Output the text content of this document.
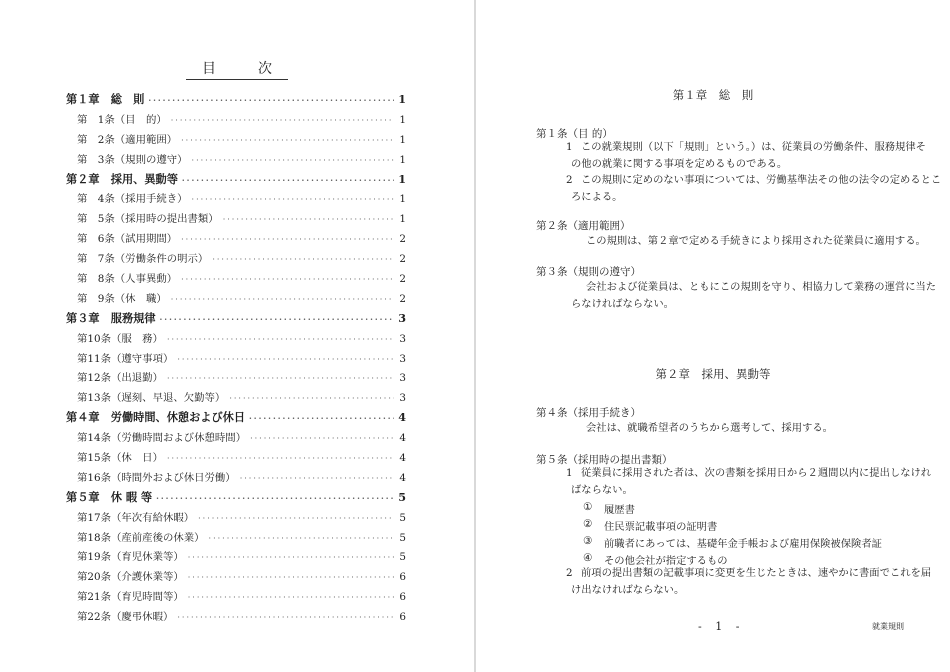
目　次
第１章　総　則 ·····	1
第　1条（目　的） ·····	1
第　2条（適用範囲） ·····	1
第　3条（規則の遵守） ·····	1
第２章　採用、異動等 ·····	1
第　4条（採用手続き） ·····	1
第　5条（採用時の提出書類） ·····	1
第　6条（試用期間） ·····	2
第　7条（労働条件の明示） ·····	2
第　8条（人事異動） ·····	2
第　9条（休　職） ·····	2
第３章　服務規律 ·····	3
第10条（服　務） ·····	3
第11条（遵守事項） ·····	3
第12条（出退勤） ·····	3
第13条（遅刻、早退、欠勤等） ·····	3
第４章　労働時間、休憩および休日 ·····	4
第14条（労働時間および休憩時間） ·····	4
第15条（休　日） ·····	4
第16条（時間外および休日労働） ·····	4
第５章　休 暇 等 ·····	5
第17条（年次有給休暇） ·····	5
第18条（産前産後の休業） ·····	5
第19条（育児休業等） ·····	5
第20条（介護休業等） ·····	6
第21条（育児時間等） ·····	6
第22条（慶弔休暇） ·····	6
第１章　総　則
第１条（目 的）
1 この就業規則（以下「規則」という。）は、従業員の労働条件、服務規律そ
の他の就業に関する事項を定めるものである。
2 この規則に定めのない事項については、労働基準法その他の法令の定めるとこ
ろによる。
第２条（適用範囲）
この規則は、第２章で定める手続きにより採用された従業員に適用する。
第３条（規則の遵守）
会社および従業員は、ともにこの規則を守り、相協力して業務の運営に当た
らなければならない。
第２章　採用、異動等
第４条（採用手続き）
会社は、就職希望者のうちから選考して、採用する。
第５条（採用時の提出書類）
1 従業員に採用された者は、次の書類を採用日から２週間以内に提出しなけれ
ばならない。
① 履歴書
② 住民票記載事項の証明書
③ 前職者にあっては、基礎年金手帳および雇用保険被保険者証
④ その他会社が指定するもの
2 前項の提出書類の記載事項に変更を生じたときは、速やかに書面でこれを届
け出なければならない。
- 1 -	就業規則
